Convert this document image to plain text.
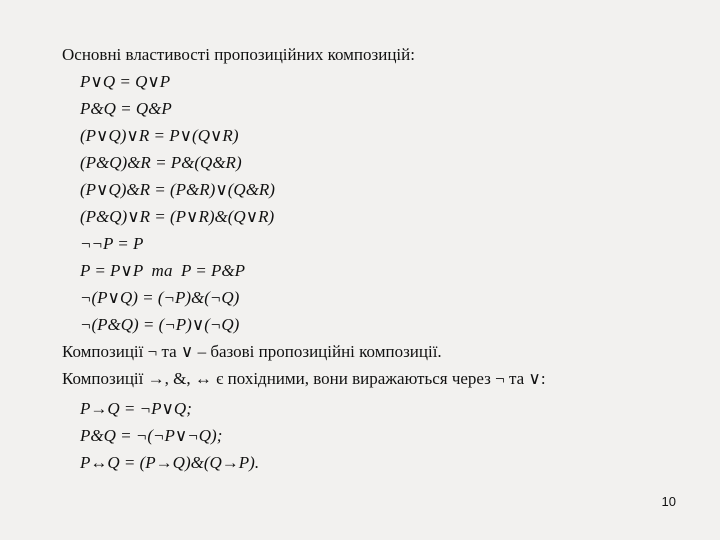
Основні властивості пропозиційних композицій:
P∨Q = Q∨P
P&Q = Q&P
(P∨Q)∨R = P∨(Q∨R)
(P&Q)&R = P&(Q&R)
(P∨Q)&R = (P&R)∨(Q&R)
(P&Q)∨R = (P∨R)&(Q∨R)
¬¬P = P
P = P∨P  та  P = P&P
¬(P∨Q) = (¬P)&(¬Q)
¬(P&Q) = (¬P)∨(¬Q)
Композиції ¬ та ∨ – базові пропозиційні композиції.
Композиції →, &, ↔ є похідними, вони виражаються через ¬ та ∨:
P→Q = ¬P∨Q;
P&Q = ¬(¬P∨¬Q);
P↔Q = (P→Q)&(Q→P).
10
